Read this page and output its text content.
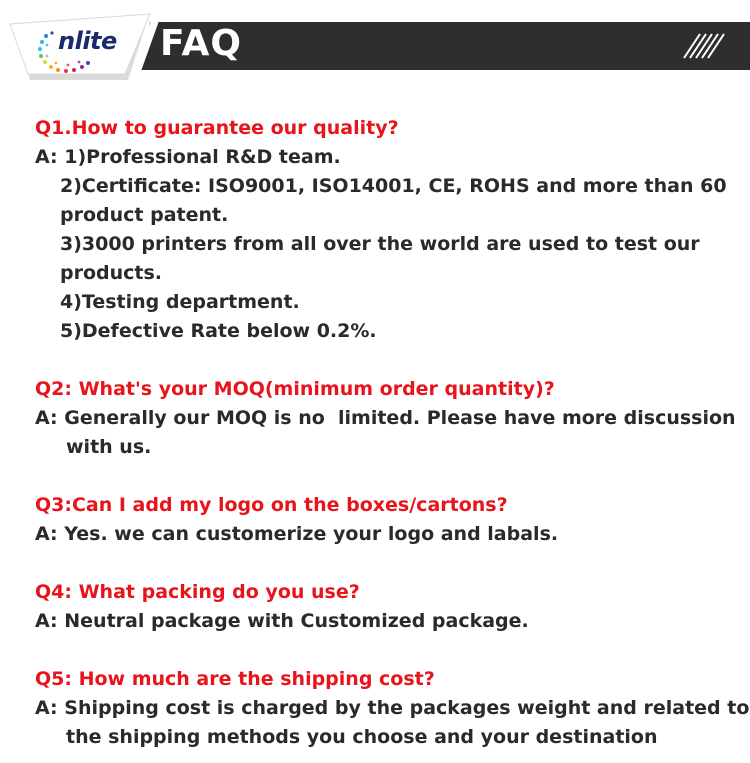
nlite FAQ

Q1.How to guarantee our quality?

A: 1)Professional R&D team.

2)Certificate: ISO9001, ISO14001, CE, ROHS and more than 60

product patent.

3)3000 printers from all over the world are used to test our

products.

4)Testing department.

5)Defective Rate below 0.2%.

Q2: What's your MOQ(minimum order quantity)?

A: Generally our MOQ is no  limited. Please have more discussion

with us.

Q3:Can I add my logo on the boxes/cartons?

A: Yes. we can customerize your logo and labals.

Q4: What packing do you use?

A: Neutral package with Customized package.

Q5: How much are the shipping cost?

A: Shipping cost is charged by the packages weight and related to

the shipping methods you choose and your destination
